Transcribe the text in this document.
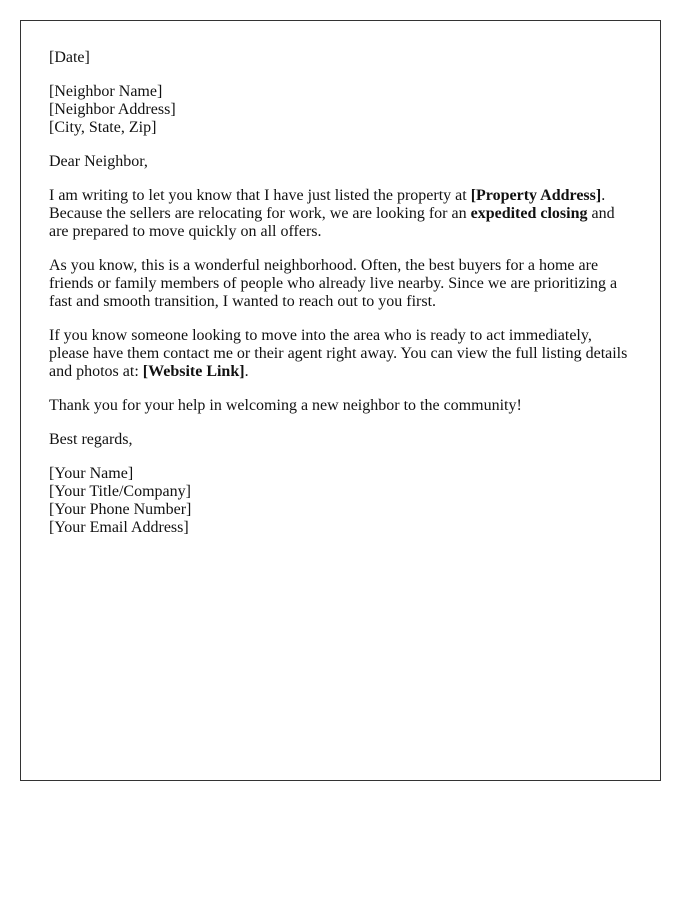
[Date]

[Neighbor Name]
[Neighbor Address]
[City, State, Zip]

Dear Neighbor,

I am writing to let you know that I have just listed the property at [Property Address]. Because the sellers are relocating for work, we are looking for an expedited closing and are prepared to move quickly on all offers.

As you know, this is a wonderful neighborhood. Often, the best buyers for a home are friends or family members of people who already live nearby. Since we are prioritizing a fast and smooth transition, I wanted to reach out to you first.

If you know someone looking to move into the area who is ready to act immediately, please have them contact me or their agent right away. You can view the full listing details and photos at: [Website Link].

Thank you for your help in welcoming a new neighbor to the community!

Best regards,

[Your Name]
[Your Title/Company]
[Your Phone Number]
[Your Email Address]
